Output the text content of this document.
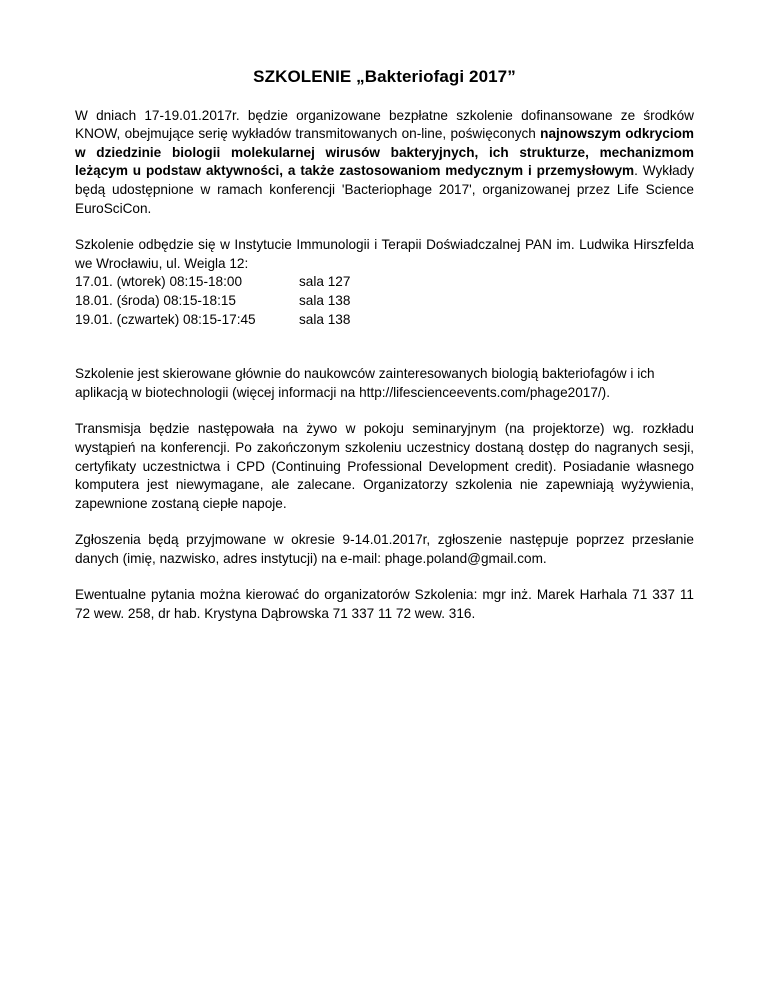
SZKOLENIE „Bakteriofagi 2017”

W dniach 17-19.01.2017r. będzie organizowane bezpłatne szkolenie dofinansowane ze środków KNOW, obejmujące serię wykładów transmitowanych on-line, poświęconych najnowszym odkryciom w dziedzinie biologii molekularnej wirusów bakteryjnych, ich strukturze, mechanizmom leżącym u podstaw aktywności, a także zastosowaniom medycznym i przemysłowym. Wykłady będą udostępnione w ramach konferencji 'Bacteriophage 2017', organizowanej przez Life Science EuroSciCon.

Szkolenie odbędzie się w Instytucie Immunologii i Terapii Doświadczalnej PAN im. Ludwika Hirszfelda we Wrocławiu, ul. Weigla 12:

17.01. (wtorek) 08:15-18:00	sala 127
18.01. (środa) 08:15-18:15	sala 138
19.01. (czwartek) 08:15-17:45	sala 138

Szkolenie jest skierowane głównie do naukowców zainteresowanych biologią bakteriofagów i ich aplikacją w biotechnologii (więcej informacji na http://lifescienceevents.com/phage2017/).

Transmisja będzie następowała na żywo w pokoju seminaryjnym (na projektorze) wg. rozkładu wystąpień na konferencji. Po zakończonym szkoleniu uczestnicy dostaną dostęp do nagranych sesji, certyfikaty uczestnictwa i CPD (Continuing Professional Development credit). Posiadanie własnego komputera jest niewymagane, ale zalecane. Organizatorzy szkolenia nie zapewniają wyżywienia, zapewnione zostaną ciepłe napoje.

Zgłoszenia będą przyjmowane w okresie 9-14.01.2017r, zgłoszenie następuje poprzez przesłanie danych (imię, nazwisko, adres instytucji) na e-mail: phage.poland@gmail.com.

Ewentualne pytania można kierować do organizatorów Szkolenia: mgr inż. Marek Harhala 71 337 11 72 wew. 258, dr hab. Krystyna Dąbrowska 71 337 11 72 wew. 316.
